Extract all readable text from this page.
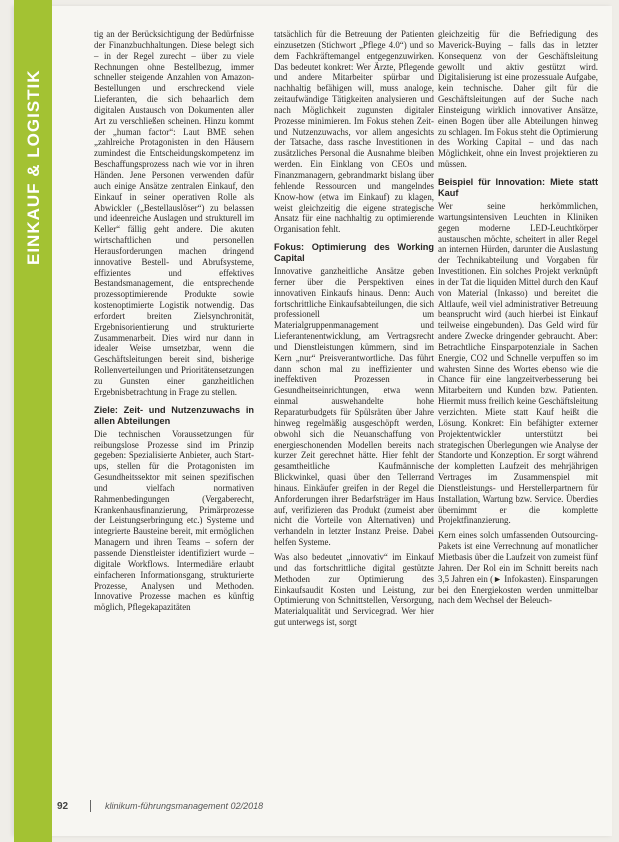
EINKAUF & LOGISTIK

tig an der Berücksichtigung der Bedürfnisse der Finanzbuchhaltungen. Diese belegt sich – in der Regel zurecht – über zu viele Rechnungen ohne Bestellbezug, immer schneller steigende Anzahlen von Amazon-Bestellungen und erschreckend viele Lieferanten, die sich behaarlich dem digitalen Austausch von Dokumenten aller Art zu verschließen scheinen. Hinzu kommt der „human factor“: Laut BME sehen „zahlreiche Protagonisten in den Häusern zumindest die Entscheidungskompetenz im Beschaffungsprozess nach wie vor in ihren Händen. Jene Personen verwenden dafür auch einige Ansätze zentralen Einkauf, den Einkauf in seiner operativen Rolle als Abwickler („Bestellauslöser“) zu belassen und ideenreiche Auslagen und strukturell im Keller“ fällig geht andere. Die akuten wirtschaftlichen und personellen Herausforderungen machen dringend innovative Bestell- und Abrufsysteme, effizientes und effektives Bestandsmanagement, die entsprechende prozessoptimierende Produkte sowie kostenoptimierte Logistik notwendig. Das erfordert breiten Zielsynchronität, Ergebnisorientierung und strukturierte Zusammenarbeit. Dies wird nur dann in idealer Weise umsetzbar, wenn die Geschäftsleitungen bereit sind, bisherige Rollenverteilungen und Prioritätensetzungen zu Gunsten einer ganzheitlichen Ergebnisbetrachtung in Frage zu stellen.

Ziele: Zeit- und Nutzenzuwachs in allen Abteilungen

Die technischen Voraussetzungen für reibungslose Prozesse sind im Prinzip gegeben: Spezialisierte Anbieter, auch Start-ups, stellen für die Protagonisten im Gesundheitssektor mit seinen spezifischen und vielfach normativen Rahmenbedingungen (Vergaberecht, Krankenhausfinanzierung, Primärprozesse der Leistungserbringung etc.) Systeme und integrierte Bausteine bereit, mit ermöglichen Managern und ihren Teams – sofern der passende Dienstleister identifiziert wurde – digitale Workflows. Intermediäre erlaubt einfacheren Informationsgang, strukturierte Prozesse, Analysen und Methoden. Innovative Prozesse machen es künftig möglich, Pflegekapazitäten

tatsächlich für die Betreuung der Patienten einzusetzen (Stichwort „Pflege 4.0“) und so dem Fachkräftemangel entgegenzuwirken. Das bedeutet konkret: Wer Ärzte, Pflegende und andere Mitarbeiter spürbar und nachhaltig befähigen will, muss analoge, zeitaufwändige Tätigkeiten analysieren und nach Möglichkeit zugunsten digitaler Prozesse minimieren. Im Fokus stehen Zeit- und Nutzenzuwachs, vor allem angesichts der Tatsache, dass rasche Investitionen in zusätzliches Personal die Ausnahme bleiben werden. Ein Einklang von CEOs und Finanzmanagern, gebrandmarkt bislang über fehlende Ressourcen und mangelndes Know-how (etwa im Einkauf) zu klagen, weist gleichzeitig die eigene strategische Ansatz für eine nachhaltig zu optimierende Organisation fehlt.

Fokus: Optimierung des Working Capital

Innovative ganzheitliche Ansätze geben ferner über die Perspektiven eines innovativen Einkaufs hinaus. Denn: Auch fortschrittliche Einkaufsabteilungen, die sich professionell um Materialgruppenmanagement und Lieferantenentwicklung, am Vertragsrecht und Dienstleistungen kümmern, sind im Kern „nur“ Preisverantwortliche. Das führt dann schon mal zu ineffizienter und ineffektiven Prozessen in Gesundheitseinrichtungen, etwa wenn einmal auswehandelte hohe Reparaturbudgets für Spülsräten über Jahre hinweg regelmäßig ausgeschöpft werden, obwohl sich die Neuanschaffung von energieschonenden Modellen bereits nach kurzer Zeit gerechnet hätte. Hier fehlt der gesamtheitliche Kaufmännische Blickwinkel, quasi über den Tellerrand hinaus. Einkäufer greifen in der Regel die Anforderungen ihrer Bedarfsträger im Haus auf, verifizieren das Produkt (zumeist aber nicht die Vorteile von Alternativen) und verhandeln in letzter Instanz Preise. Dabei helfen Systeme.

Was also bedeutet „innovativ“ im Einkauf und das fortschrittliche digital gestützte Methoden zur Optimierung des Einkaufsaudit Kosten und Leistung, zur Optimierung von Schnittstellen, Versorgung, Materialqualität und Servicegrad. Wer hier gut unterwegs ist, sorgt

gleichzeitig für die Befriedigung des Maverick-Buying – falls das in letzter Konsequenz von der Geschäftsleitung gewollt und aktiv gestützt wird. Digitalisierung ist eine prozessuale Aufgabe, kein technische. Daher gilt für die Geschäftsleitungen auf der Suche nach Einsteigung wirklich innovativer Ansätze, einen Bogen über alle Abteilungen hinweg zu schlagen. Im Fokus steht die Optimierung des Working Capital – und das nach Möglichkeit, ohne ein Invest projektieren zu müssen.

Beispiel für Innovation: Miete statt Kauf

Wer seine herkömmlichen, wartungsintensiven Leuchten in Kliniken gegen moderne LED-Leuchtkörper austauschen möchte, scheitert in aller Regel an internen Hürden, darunter die Auslastung der Technikabteilung und Vorgaben für Investitionen. Ein solches Projekt verknüpft in der Tat die liquiden Mittel durch den Kauf von Material (Inkasso) und bereitet die Altlaufe, weil viel administrativer Betreuung beansprucht wird (auch hierbei ist Einkauf teilweise eingebunden). Das Geld wird für andere Zwecke dringender gebraucht. Aber: Betrachtliche Einsparpotenziale in Sachen Energie, CO2 und Schnelle verpuffen so im wahrsten Sinne des Wortes ebenso wie die Chance für eine langzeitverbesserung bei Mitarbeitern und Kunden bzw. Patienten. Hiermit muss freilich keine Geschäftsleitung verzichten. Miete statt Kauf heißt die Lösung. Konkret: Ein befähigter externer Projektentwickler unterstützt bei strategischen Überlegungen wie Analyse der Standorte und Konzeption. Er sorgt während der kompletten Laufzeit des mehrjährigen Vertrages im Zusammenspiel mit Dienstleistungs- und Herstellerpartnern für Installation, Wartung bzw. Service. Überdies übernimmt er die komplette Projektfinanzierung.

Kern eines solch umfassenden Outsourcing-Pakets ist eine Verrechnung auf monatlicher Mietbasis über die Laufzeit von zumeist fünf Jahren. Der Rol ein im Schnitt bereits nach 3,5 Jahren ein (► Infokasten). Einsparungen bei den Energiekosten werden unmittelbar nach dem Wechsel der Beleuch-

92	klinikum-führungsmanagement 02/2018
